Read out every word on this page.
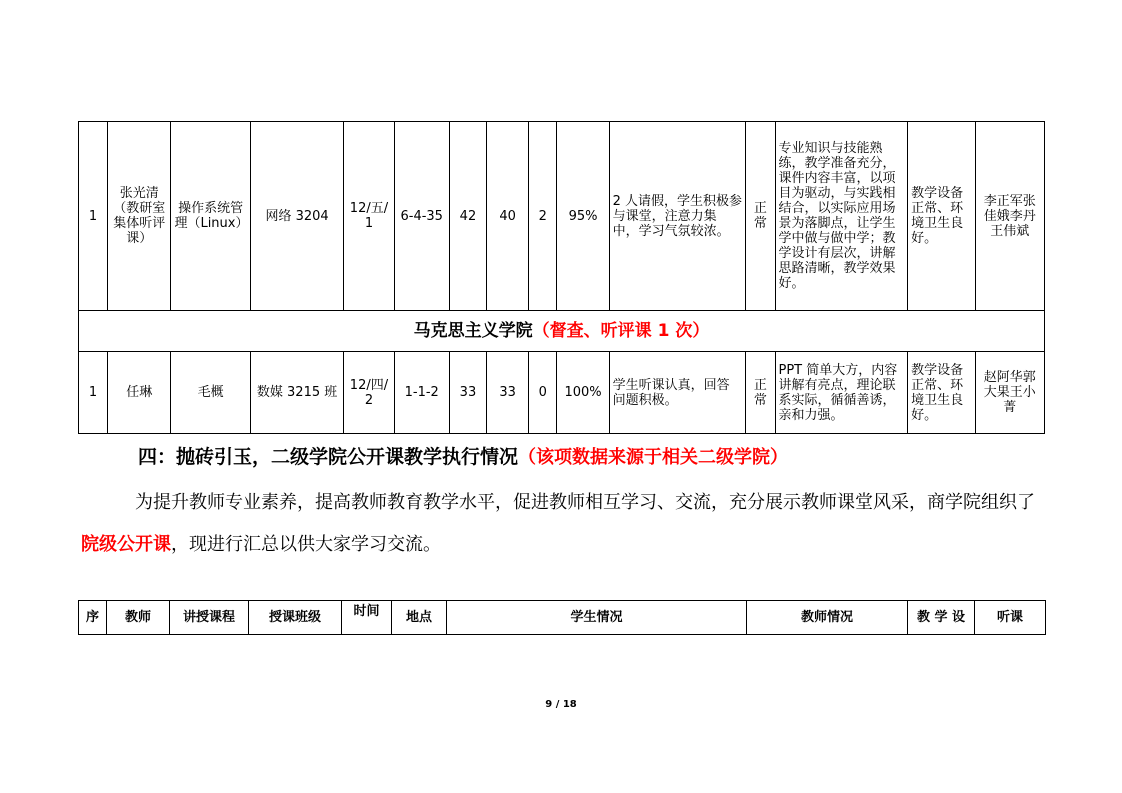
1	张光清（教研室集体听评课）	操作系统管理（Linux）	网络 3204	12/五/1	6-4-35	42	40	2	95%	2 人请假，学生积极参与课堂，注意力集中，学习气氛较浓。	正常	专业知识与技能熟练，教学准备充分，课件内容丰富，以项目为驱动，与实践相结合，以实际应用场景为落脚点，让学生学中做与做中学；教学设计有层次，讲解思路清晰，教学效果好。	教学设备正常、环境卫生良好。	李正军张佳娥李丹王伟斌
马克思主义学院（督查、听评课 1 次）														
1	任琳	毛概	数媒 3215 班	12/四/2	1-1-2	33	33	0	100%	学生听课认真，回答问题积极。	正常	PPT 简单大方，内容讲解有亮点，理论联系实际，循循善诱，亲和力强。	教学设备正常、环境卫生良好。	赵阿华郭大果王小菁
四：抛砖引玉，二级学院公开课教学执行情况（该项数据来源于相关二级学院）

为提升教师专业素养，提高教师教育教学水平，促进教师相互学习、交流，充分展示教师课堂风采，商学院组织了院级公开课，现进行汇总以供大家学习交流。

序	教师	讲授课程	授课班级	时间	地点	学生情况	教师情况	教 学 设	听课
9 / 18
